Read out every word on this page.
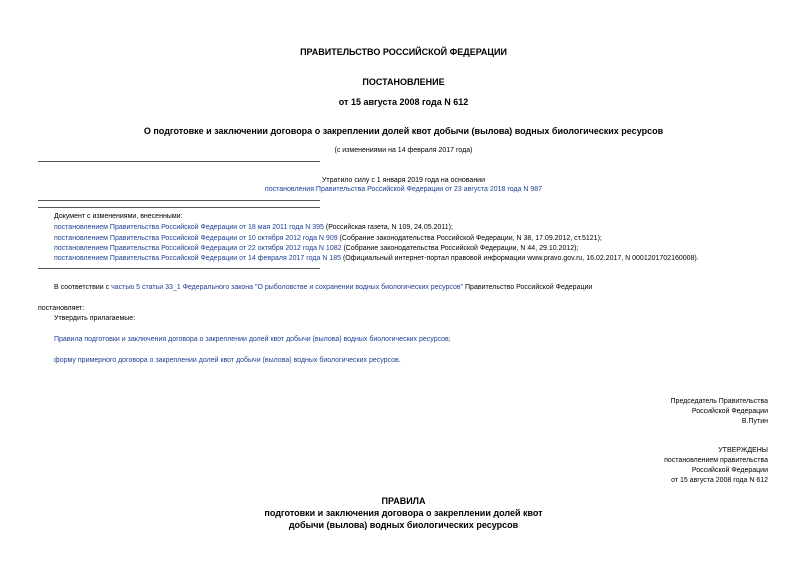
ПРАВИТЕЛЬСТВО РОССИЙСКОЙ ФЕДЕРАЦИИ
ПОСТАНОВЛЕНИЕ
от 15 августа 2008 года N 612
О подготовке и заключении договора о закреплении долей квот добычи (вылова) водных биологических ресурсов
(с изменениями на 14 февраля 2017 года)
Утратило силу с 1 января 2019 года на основании
постановления Правительства Российской Федерации от 23 августа 2018 года N 987
Документ с изменениями, внесенными:
постановлением Правительства Российской Федерации от 18 мая 2011 года N 395 (Российская газета, N 109, 24.05.2011);
постановлением Правительства Российской Федерации от 10 октября 2012 года N 909 (Собрание законодательства Российской Федерации, N 38, 17.09.2012, ст.5121);
постановлением Правительства Российской Федерации от 22 октября 2012 года N 1082 (Собрание законодательства Российской Федерации, N 44, 29.10.2012);
постановлением Правительства Российской Федерации от 14 февраля 2017 года N 185 (Официальный интернет-портал правовой информации www.pravo.gov.ru, 16.02.2017, N 0001201702160008).
В соответствии с частью 5 статьи 33_1 Федерального закона "О рыболовстве и сохранении водных биологических ресурсов" Правительство Российской Федерации
постановляет:
Утвердить прилагаемые:
Правила подготовки и заключения договора о закреплении долей квот добычи (вылова) водных биологических ресурсов;
форму примерного договора о закреплении долей квот добычи (вылова) водных биологических ресурсов.
Председатель Правительства
Российской Федерации
В.Путин
УТВЕРЖДЕНЫ
постановлением правительства
Российской Федерации
от 15 августа 2008 года N 612
ПРАВИЛА
подготовки и заключения договора о закреплении долей квот
добычи (вылова) водных биологических ресурсов
